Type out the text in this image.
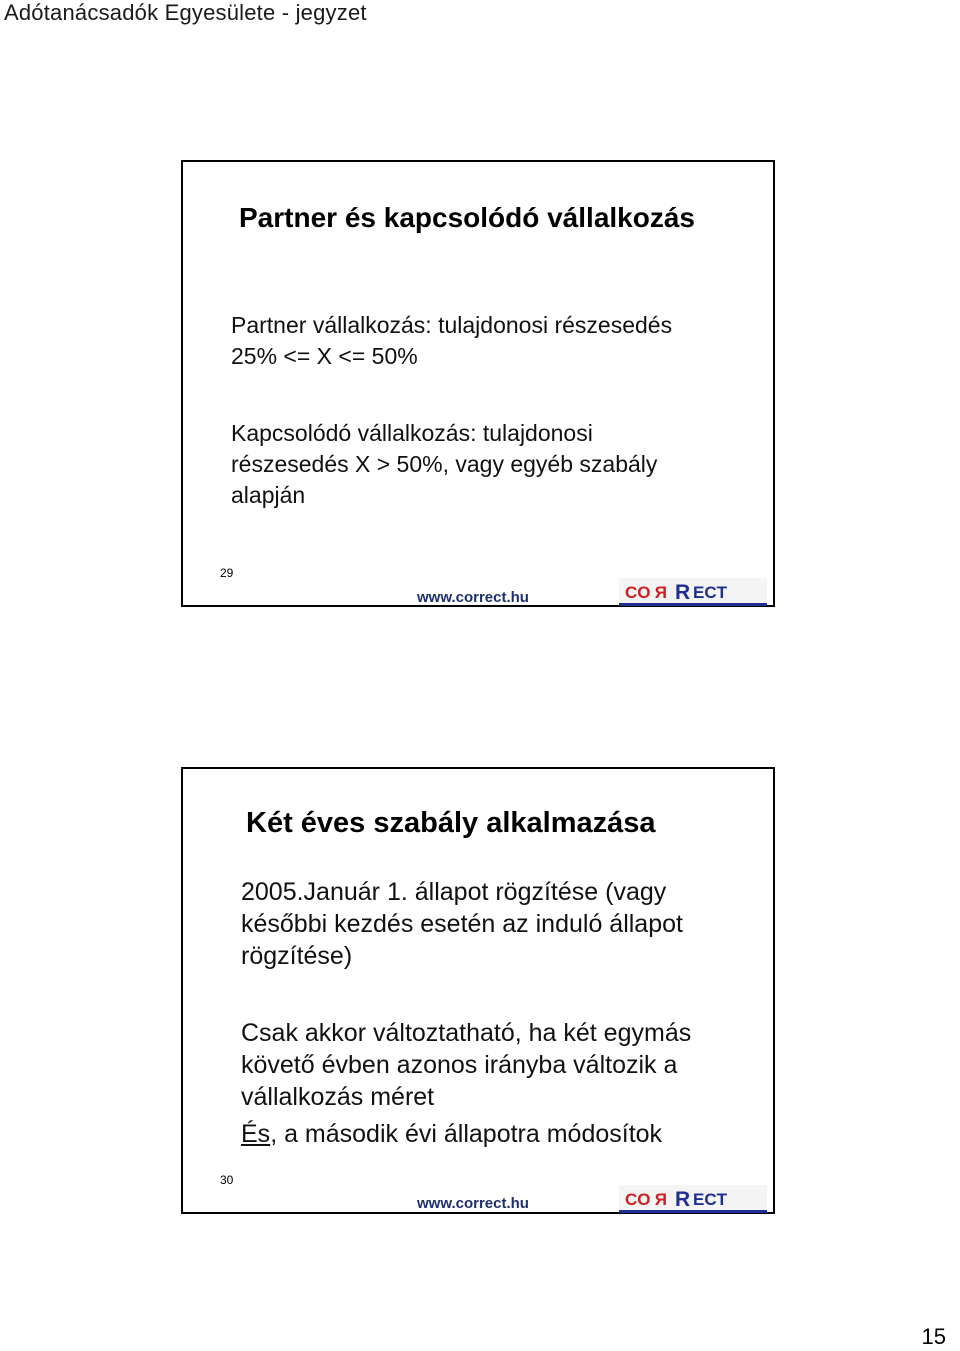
Adótanácsadók Egyesülete - jegyzet
Partner és kapcsolódó vállalkozás
Partner vállalkozás: tulajdonosi részesedés
25% <= X <= 50%
Kapcsolódó vállalkozás: tulajdonosi
részesedés X > 50%, vagy egyéb szabály
alapján
29
www.correct.hu	CO R R ECT
Két éves szabály alkalmazása
2005.Január 1. állapot rögzítése (vagy
későbbi kezdés esetén az induló állapot
rögzítése)
Csak akkor változtatható, ha két egymás
követő évben azonos irányba változik a
vállalkozás méret
És, a második évi állapotra módosítok
30
www.correct.hu	CO R R ECT
15
